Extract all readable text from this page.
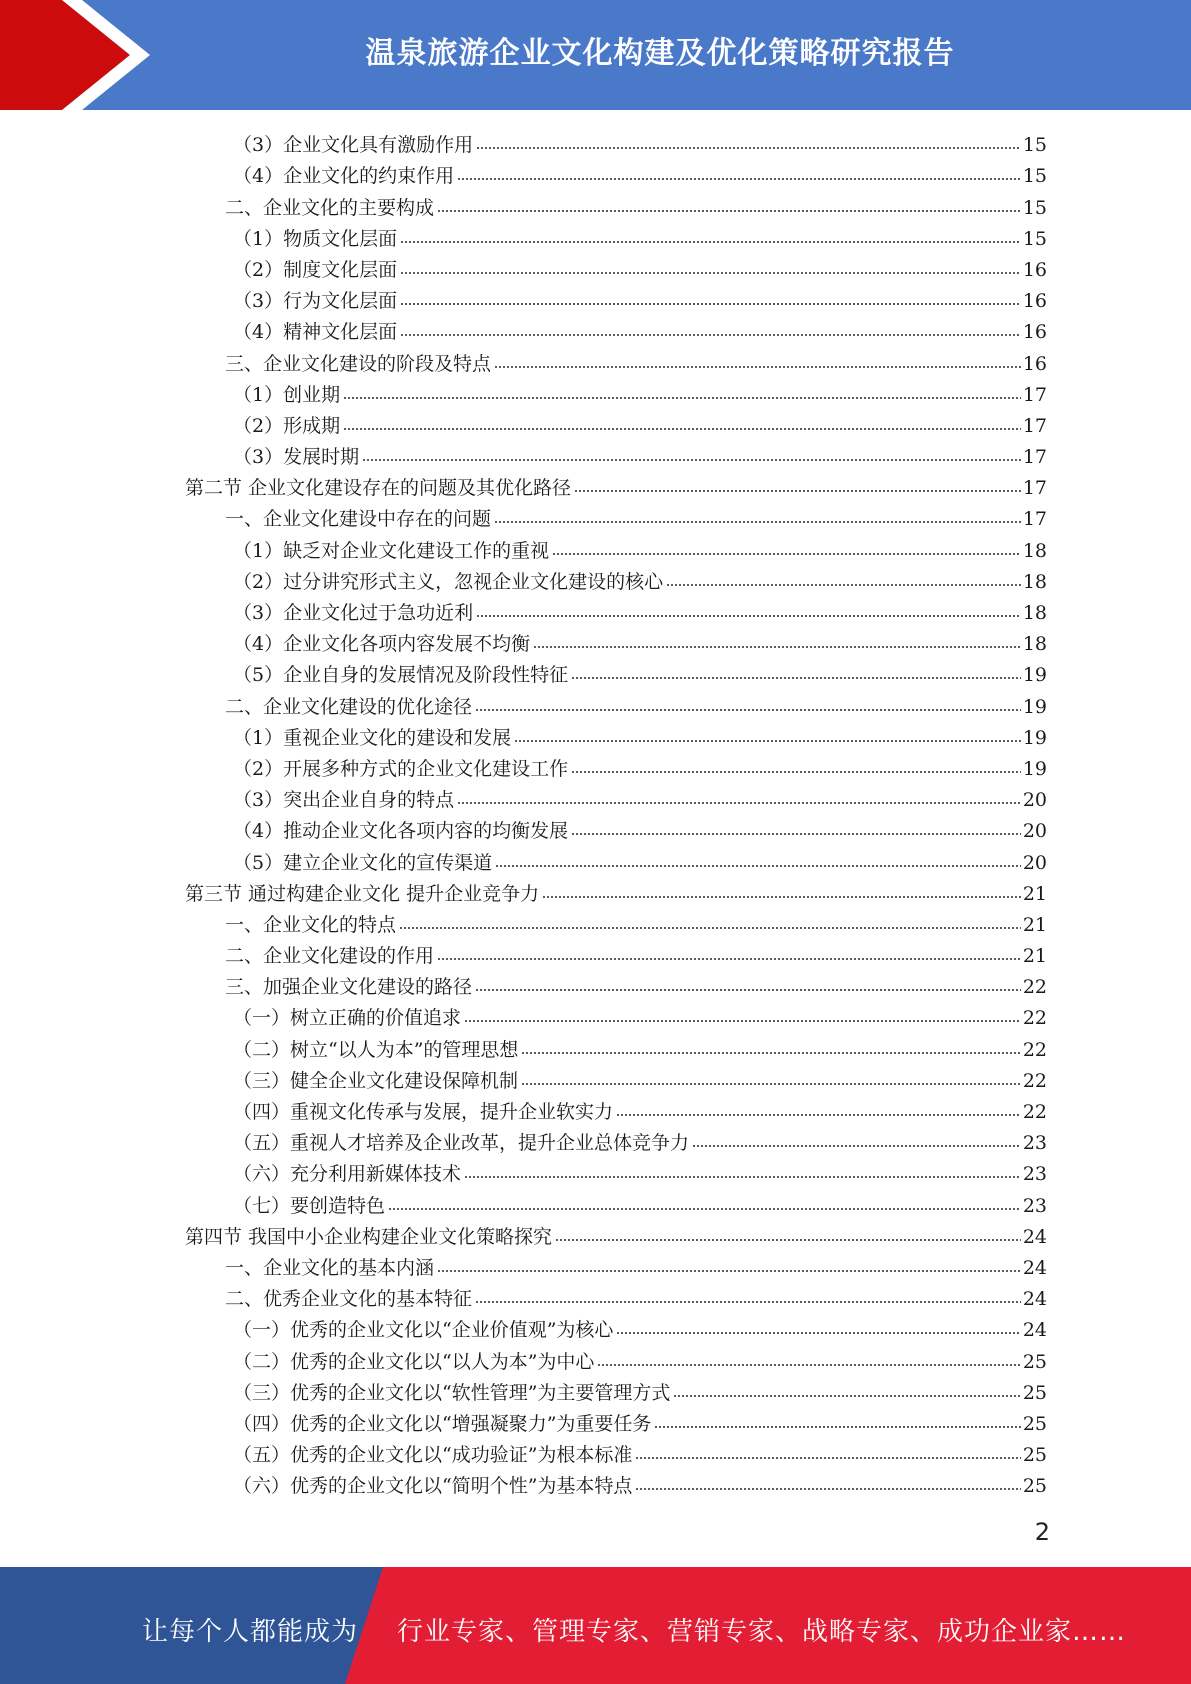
温泉旅游企业文化构建及优化策略研究报告
（3）企业文化具有激励作用	15
（4）企业文化的约束作用	15
二、企业文化的主要构成	15
（1）物质文化层面	15
（2）制度文化层面	16
（3）行为文化层面	16
（4）精神文化层面	16
三、企业文化建设的阶段及特点	16
（1）创业期	17
（2）形成期	17
（3）发展时期	17
第二节 企业文化建设存在的问题及其优化路径	17
一、企业文化建设中存在的问题	17
（1）缺乏对企业文化建设工作的重视	18
（2）过分讲究形式主义，忽视企业文化建设的核心	18
（3）企业文化过于急功近利	18
（4）企业文化各项内容发展不均衡	18
（5）企业自身的发展情况及阶段性特征	19
二、企业文化建设的优化途径	19
（1）重视企业文化的建设和发展	19
（2）开展多种方式的企业文化建设工作	19
（3）突出企业自身的特点	20
（4）推动企业文化各项内容的均衡发展	20
（5）建立企业文化的宣传渠道	20
第三节 通过构建企业文化 提升企业竞争力	21
一、企业文化的特点	21
二、企业文化建设的作用	21
三、加强企业文化建设的路径	22
（一）树立正确的价值追求	22
（二）树立“以人为本”的管理思想	22
（三）健全企业文化建设保障机制	22
（四）重视文化传承与发展，提升企业软实力	22
（五）重视人才培养及企业改革，提升企业总体竞争力	23
（六）充分利用新媒体技术	23
（七）要创造特色	23
第四节 我国中小企业构建企业文化策略探究	24
一、企业文化的基本内涵	24
二、优秀企业文化的基本特征	24
（一）优秀的企业文化以“企业价值观”为核心	24
（二）优秀的企业文化以“以人为本”为中心	25
（三）优秀的企业文化以“软性管理”为主要管理方式	25
（四）优秀的企业文化以“增强凝聚力”为重要任务	25
（五）优秀的企业文化以“成功验证”为根本标准	25
（六）优秀的企业文化以“简明个性”为基本特点	25
2
让每个人都能成为 行业专家、管理专家、营销专家、战略专家、成功企业家……
